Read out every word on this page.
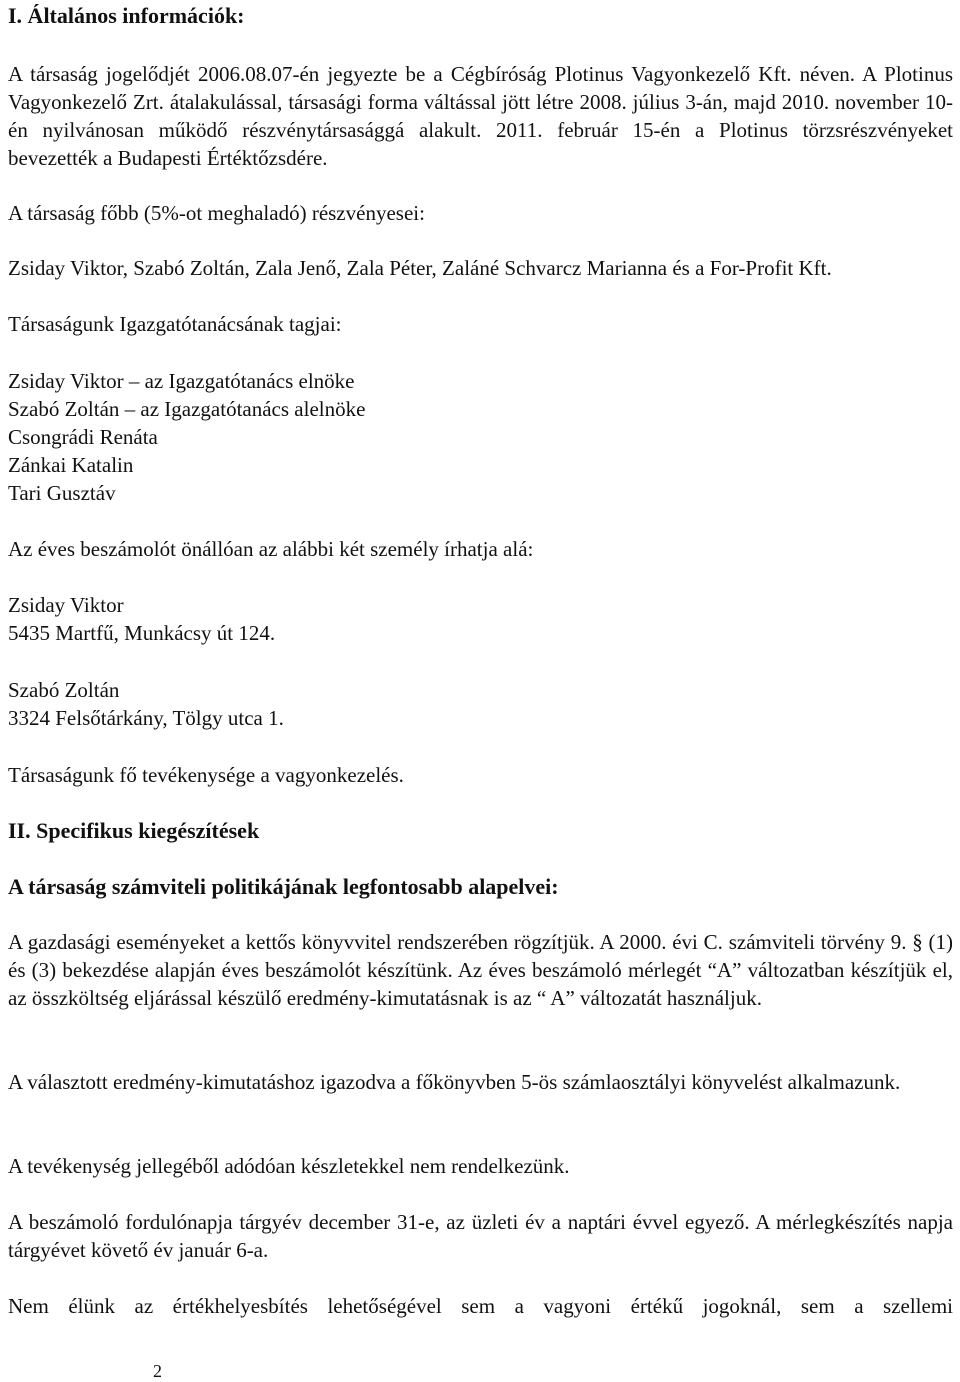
I. Általános információk:

A társaság jogelődjét 2006.08.07-én jegyezte be a Cégbíróság Plotinus Vagyonkezelő Kft. néven. A Plotinus Vagyonkezelő Zrt. átalakulással, társasági forma váltással jött létre 2008. július 3-án, majd 2010. november 10-én nyilvánosan működő részvénytársasággá alakult. 2011. február 15-én a Plotinus törzsrészvényeket bevezették a Budapesti Értéktőzsdére.

A társaság főbb (5%-ot meghaladó) részvényesei:
Zsiday Viktor, Szabó Zoltán, Zala Jenő, Zala Péter, Zaláné Schvarcz Marianna és a For-Profit Kft.
Társaságunk Igazgatótanácsának tagjai:
Zsiday Viktor – az Igazgatótanács elnöke
Szabó Zoltán – az Igazgatótanács alelnöke
Csongrádi Renáta
Zánkai Katalin
Tari Gusztáv
Az éves beszámolót önállóan az alábbi két személy írhatja alá:
Zsiday Viktor
5435 Martfű, Munkácsy út 124.
Szabó Zoltán
3324 Felsőtárkány, Tölgy utca 1.
Társaságunk fő tevékenysége a vagyonkezelés.
II. Specifikus kiegészítések
A társaság számviteli politikájának legfontosabb alapelvei:

A gazdasági eseményeket a kettős könyvvitel rendszerében rögzítjük. A 2000. évi C. számviteli törvény 9. § (1) és (3) bekezdése alapján éves beszámolót készítünk. Az éves beszámoló mérlegét “A” változatban készítjük el, az összköltség eljárással készülő eredmény-kimutatásnak is az “ A” változatát használjuk.

A választott eredmény-kimutatáshoz igazodva a főkönyvben 5-ös számlaosztályi könyvelést alkalmazunk.

A tevékenység jellegéből adódóan készletekkel nem rendelkezünk.

A beszámoló fordulónapja tárgyév december 31-e, az üzleti év a naptári évvel egyező. A mérlegkészítés napja tárgyévet követő év január 6-a.

Nem élünk az értékhelyesbítés lehetőségével sem a vagyoni értékű jogoknál, sem a szellemi

2
